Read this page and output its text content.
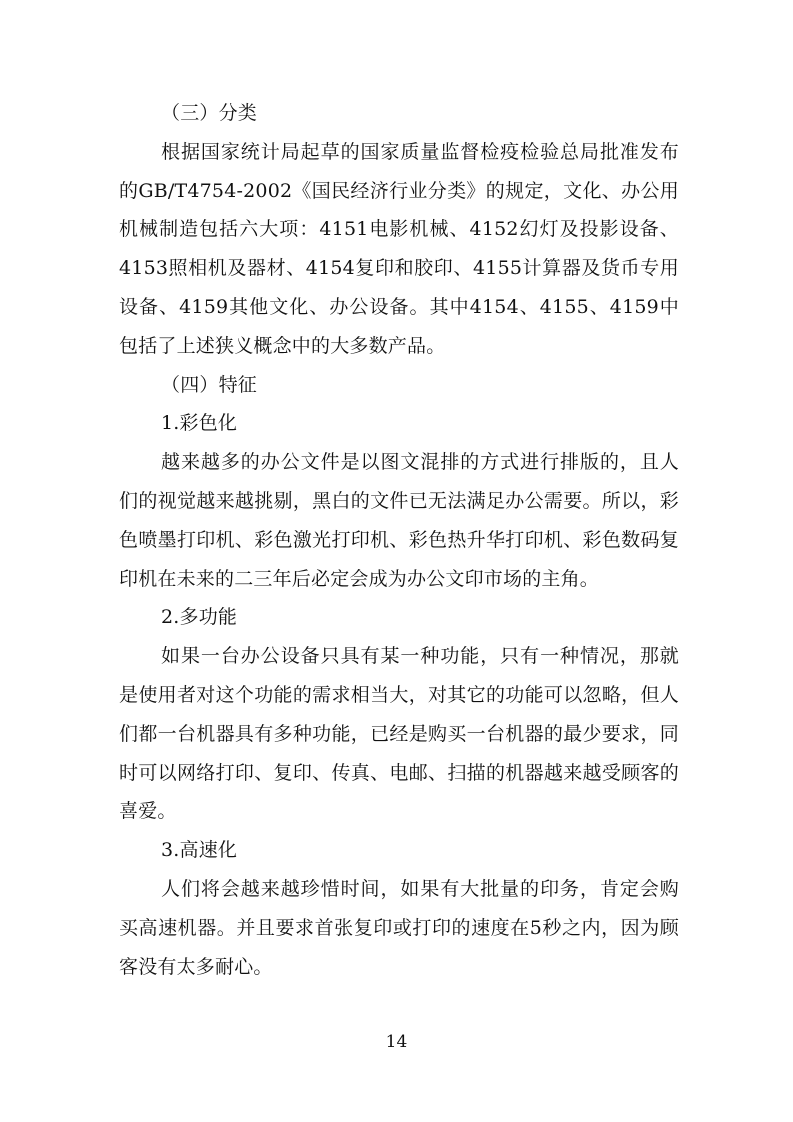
（三）分类

根据国家统计局起草的国家质量监督检疫检验总局批准发布的GB/T4754-2002《国民经济行业分类》的规定，文化、办公用机械制造包括六大项：4151电影机械、4152幻灯及投影设备、4153照相机及器材、4154复印和胶印、4155计算器及货币专用设备、4159其他文化、办公设备。其中4154、4155、4159中包括了上述狭义概念中的大多数产品。

（四）特征

1.彩色化

越来越多的办公文件是以图文混排的方式进行排版的，且人们的视觉越来越挑剔，黑白的文件已无法满足办公需要。所以，彩色喷墨打印机、彩色激光打印机、彩色热升华打印机、彩色数码复印机在未来的二三年后必定会成为办公文印市场的主角。

2.多功能

如果一台办公设备只具有某一种功能，只有一种情况，那就是使用者对这个功能的需求相当大，对其它的功能可以忽略，但人们都一台机器具有多种功能，已经是购买一台机器的最少要求，同时可以网络打印、复印、传真、电邮、扫描的机器越来越受顾客的喜爱。

3.高速化

人们将会越来越珍惜时间，如果有大批量的印务，肯定会购买高速机器。并且要求首张复印或打印的速度在5秒之内，因为顾客没有太多耐心。

14
